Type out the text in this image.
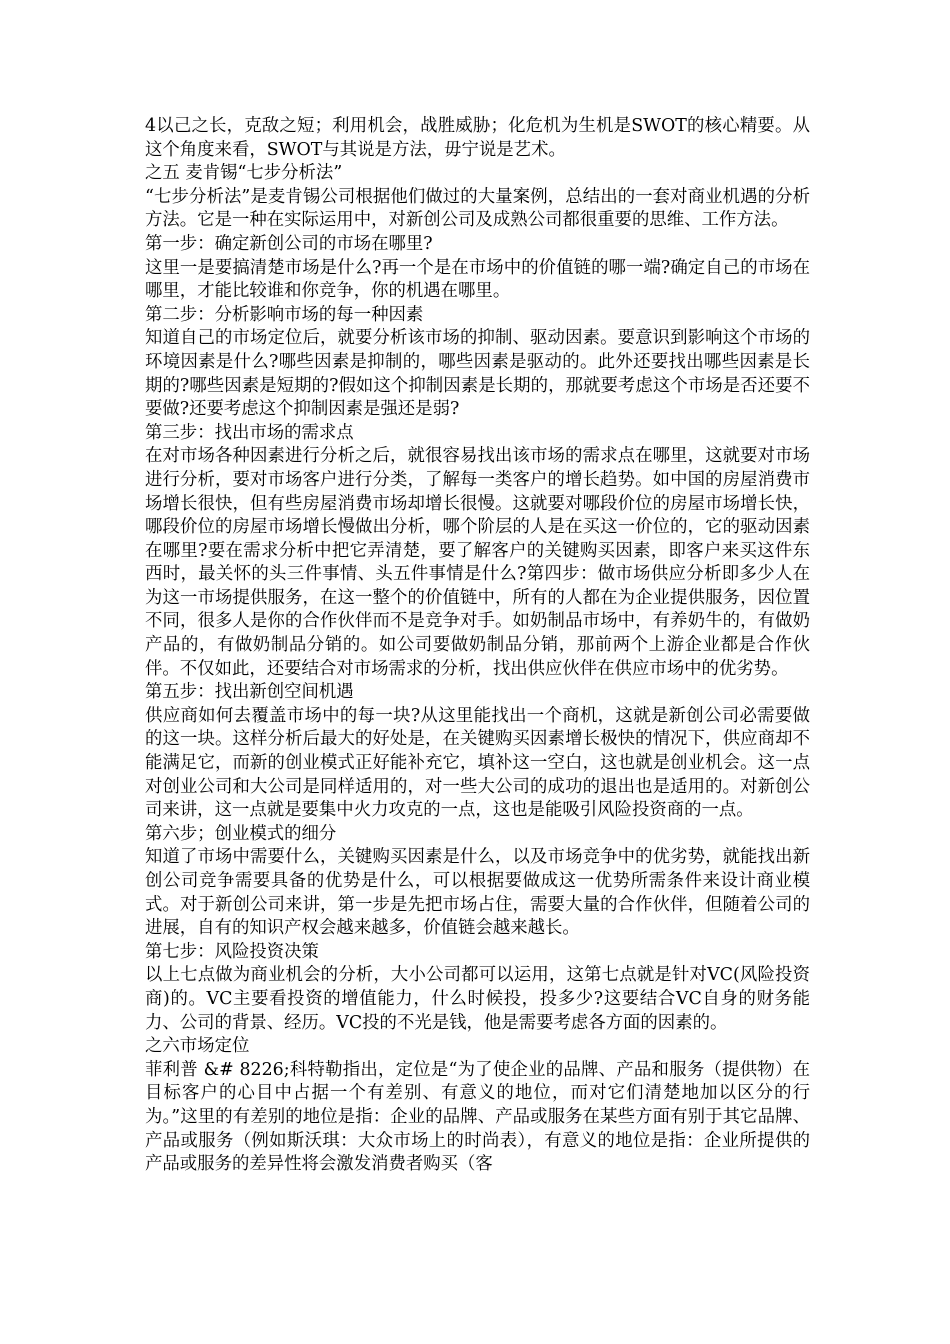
4以己之长，克敌之短；利用机会，战胜威胁；化危机为生机是SWOT的核心精要。从这个角度来看，SWOT与其说是方法，毋宁说是艺术。

之五 麦肯锡“七步分析法”

“七步分析法”是麦肯锡公司根据他们做过的大量案例，总结出的一套对商业机遇的分析方法。它是一种在实际运用中，对新创公司及成熟公司都很重要的思维、工作方法。

第一步：确定新创公司的市场在哪里?

这里一是要搞清楚市场是什么?再一个是在市场中的价值链的哪一端?确定自己的市场在哪里，才能比较谁和你竞争，你的机遇在哪里。

第二步：分析影响市场的每一种因素

知道自己的市场定位后，就要分析该市场的抑制、驱动因素。要意识到影响这个市场的环境因素是什么?哪些因素是抑制的，哪些因素是驱动的。此外还要找出哪些因素是长期的?哪些因素是短期的?假如这个抑制因素是长期的，那就要考虑这个市场是否还要不要做?还要考虑这个抑制因素是强还是弱?

第三步：找出市场的需求点

在对市场各种因素进行分析之后，就很容易找出该市场的需求点在哪里，这就要对市场进行分析，要对市场客户进行分类，了解每一类客户的增长趋势。如中国的房屋消费市场增长很快，但有些房屋消费市场却增长很慢。这就要对哪段价位的房屋市场增长快，哪段价位的房屋市场增长慢做出分析，哪个阶层的人是在买这一价位的，它的驱动因素在哪里?要在需求分析中把它弄清楚，要了解客户的关键购买因素，即客户来买这件东西时，最关怀的头三件事情、头五件事情是什么?第四步：做市场供应分析即多少人在为这一市场提供服务，在这一整个的价值链中，所有的人都在为企业提供服务，因位置不同，很多人是你的合作伙伴而不是竞争对手。如奶制品市场中，有养奶牛的，有做奶产品的，有做奶制品分销的。如公司要做奶制品分销，那前两个上游企业都是合作伙伴。不仅如此，还要结合对市场需求的分析，找出供应伙伴在供应市场中的优劣势。

第五步：找出新创空间机遇

供应商如何去覆盖市场中的每一块?从这里能找出一个商机，这就是新创公司必需要做的这一块。这样分析后最大的好处是，在关键购买因素增长极快的情况下，供应商却不能满足它，而新的创业模式正好能补充它，填补这一空白，这也就是创业机会。这一点对创业公司和大公司是同样适用的，对一些大公司的成功的退出也是适用的。对新创公司来讲，这一点就是要集中火力攻克的一点，这也是能吸引风险投资商的一点。

第六步；创业模式的细分

知道了市场中需要什么，关键购买因素是什么，以及市场竞争中的优劣势，就能找出新创公司竞争需要具备的优势是什么，可以根据要做成这一优势所需条件来设计商业模式。对于新创公司来讲，第一步是先把市场占住，需要大量的合作伙伴，但随着公司的进展，自有的知识产权会越来越多，价值链会越来越长。

第七步：风险投资决策

以上七点做为商业机会的分析，大小公司都可以运用，这第七点就是针对VC(风险投资商)的。VC主要看投资的增值能力，什么时候投，投多少?这要结合VC自身的财务能力、公司的背景、经历。VC投的不光是钱，他是需要考虑各方面的因素的。

之六市场定位

菲利普 &# 8226;科特勒指出，定位是“为了使企业的品牌、产品和服务（提供物）在目标客户的心目中占据一个有差别、有意义的地位，而对它们清楚地加以区分的行为。”这里的有差别的地位是指：企业的品牌、产品或服务在某些方面有别于其它品牌、产品或服务（例如斯沃琪：大众市场上的时尚表），有意义的地位是指：企业所提供的产品或服务的差异性将会激发消费者购买（客
